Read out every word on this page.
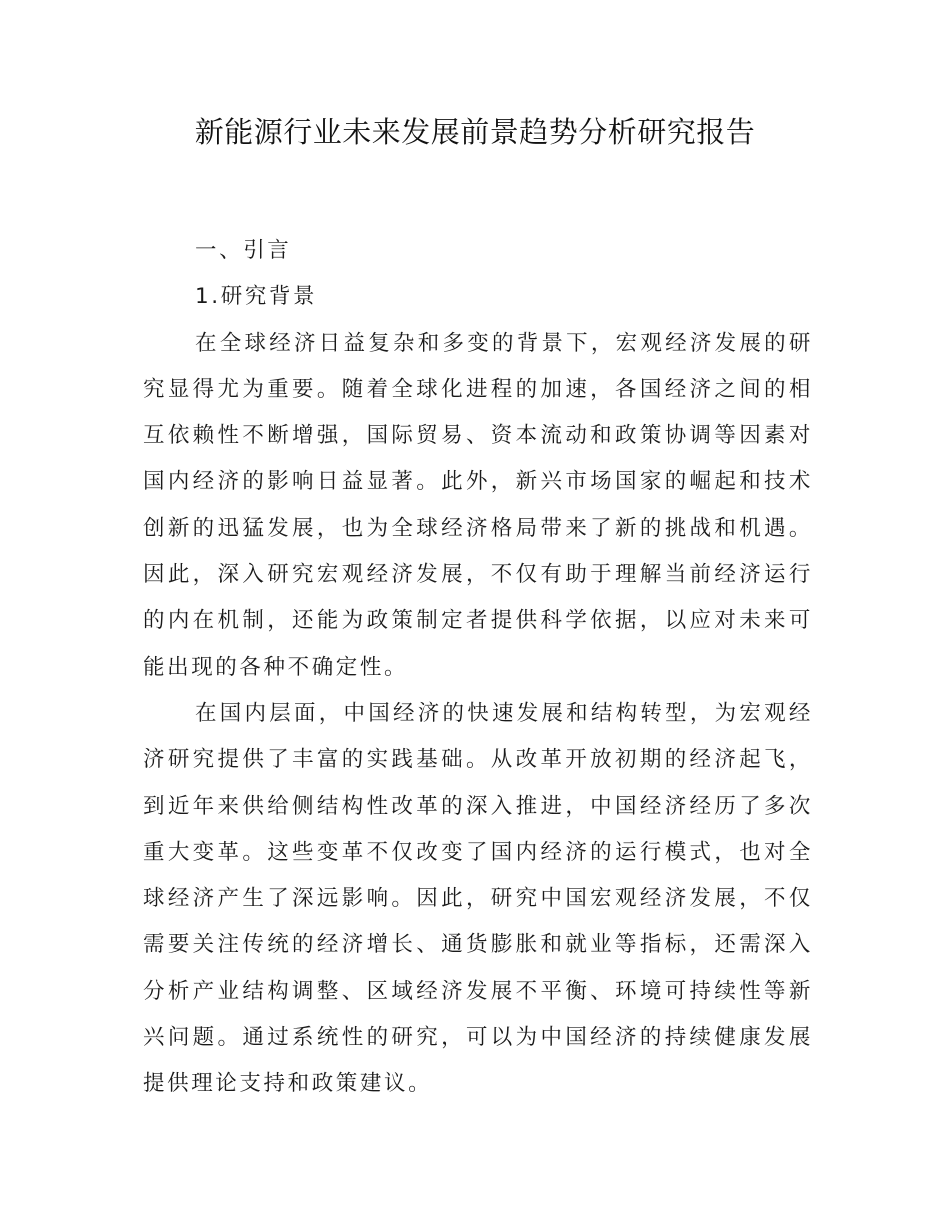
新能源行业未来发展前景趋势分析研究报告
一、引言
1.研究背景

在全球经济日益复杂和多变的背景下，宏观经济发展的研究显得尤为重要。随着全球化进程的加速，各国经济之间的相互依赖性不断增强，国际贸易、资本流动和政策协调等因素对国内经济的影响日益显著。此外，新兴市场国家的崛起和技术创新的迅猛发展，也为全球经济格局带来了新的挑战和机遇。因此，深入研究宏观经济发展，不仅有助于理解当前经济运行的内在机制，还能为政策制定者提供科学依据，以应对未来可能出现的各种不确定性。

在国内层面，中国经济的快速发展和结构转型，为宏观经济研究提供了丰富的实践基础。从改革开放初期的经济起飞，到近年来供给侧结构性改革的深入推进，中国经济经历了多次重大变革。这些变革不仅改变了国内经济的运行模式，也对全球经济产生了深远影响。因此，研究中国宏观经济发展，不仅需要关注传统的经济增长、通货膨胀和就业等指标，还需深入分析产业结构调整、区域经济发展不平衡、环境可持续性等新兴问题。通过系统性的研究，可以为中国经济的持续健康发展提供理论支持和政策建议。
